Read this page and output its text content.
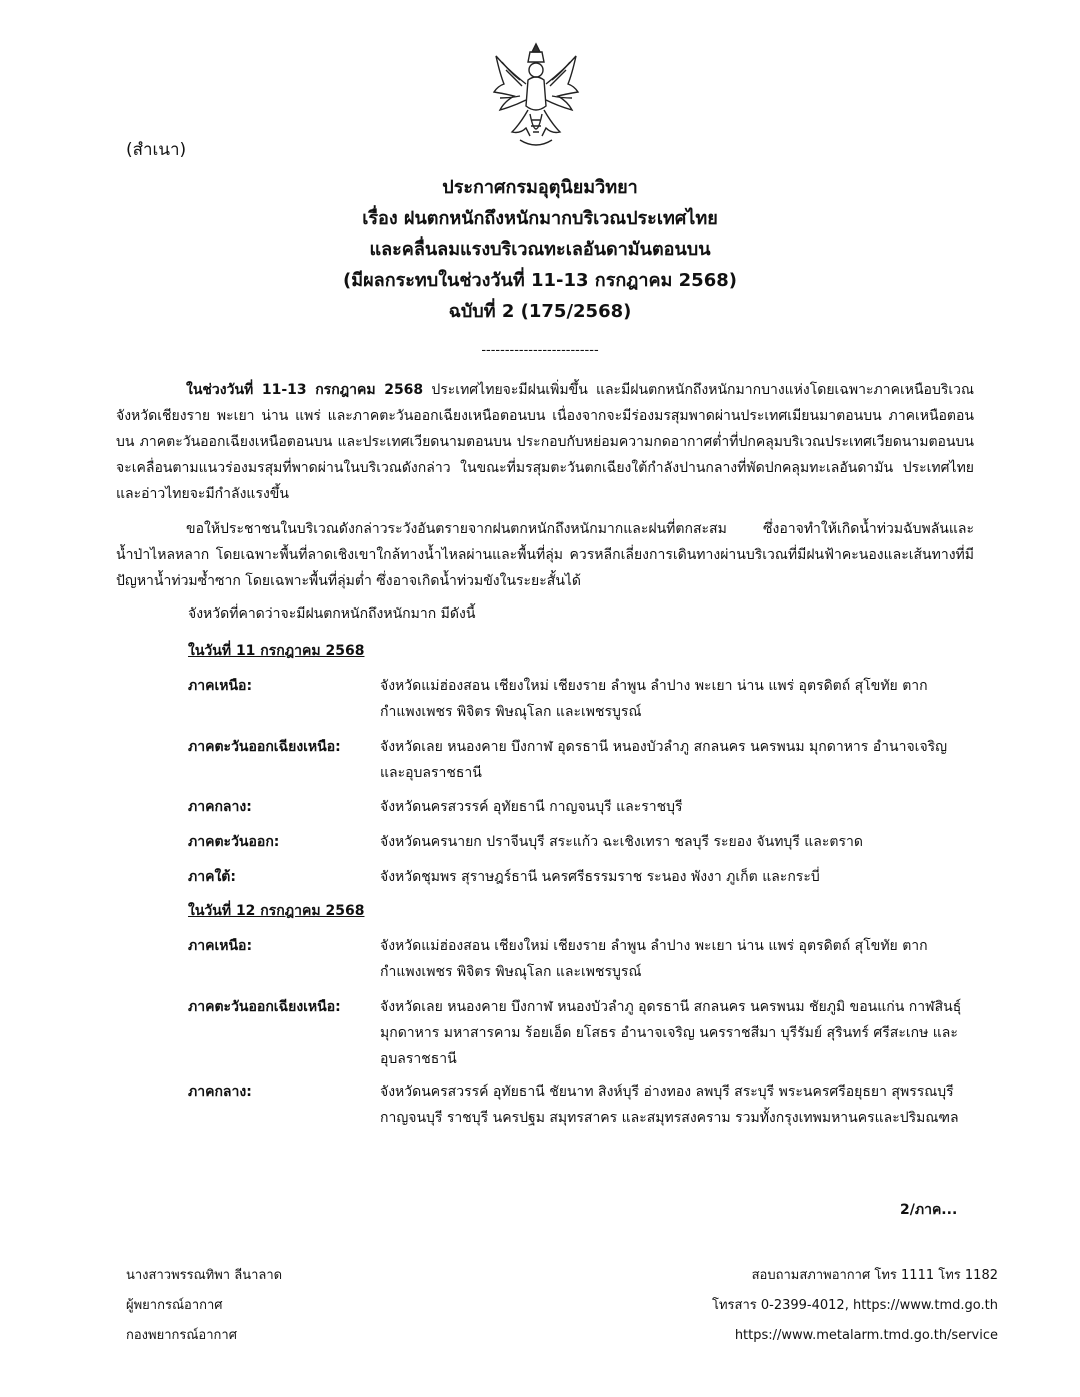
(สำเนา)
ประกาศกรมอุตุนิยมวิทยา
เรื่อง ฝนตกหนักถึงหนักมากบริเวณประเทศไทย
และคลื่นลมแรงบริเวณทะเลอันดามันตอนบน
(มีผลกระทบในช่วงวันที่ 11-13 กรกฎาคม 2568)
ฉบับที่ 2 (175/2568)
-------------------------
ในช่วงวันที่ 11-13 กรกฎาคม 2568 ประเทศไทยจะมีฝนเพิ่มขึ้น และมีฝนตกหนักถึงหนักมากบางแห่งโดยเฉพาะภาคเหนือบริเวณจังหวัดเชียงราย พะเยา น่าน แพร่ และภาคตะวันออกเฉียงเหนือตอนบน เนื่องจากจะมีร่องมรสุมพาดผ่านประเทศเมียนมาตอนบน ภาคเหนือตอนบน ภาคตะวันออกเฉียงเหนือตอนบน และประเทศเวียดนามตอนบน ประกอบกับหย่อมความกดอากาศต่ำที่ปกคลุมบริเวณประเทศเวียดนามตอนบนจะเคลื่อนตามแนวร่องมรสุมที่พาดผ่านในบริเวณดังกล่าว ในขณะที่มรสุมตะวันตกเฉียงใต้กำลังปานกลางที่พัดปกคลุมทะเลอันดามัน ประเทศไทย และอ่าวไทยจะมีกำลังแรงขึ้น
ขอให้ประชาชนในบริเวณดังกล่าวระวังอันตรายจากฝนตกหนักถึงหนักมากและฝนที่ตกสะสม ซึ่งอาจทำให้เกิดน้ำท่วมฉับพลันและน้ำป่าไหลหลาก โดยเฉพาะพื้นที่ลาดเชิงเขาใกล้ทางน้ำไหลผ่านและพื้นที่ลุ่ม ควรหลีกเลี่ยงการเดินทางผ่านบริเวณที่มีฝนฟ้าคะนองและเส้นทางที่มีปัญหาน้ำท่วมซ้ำซาก โดยเฉพาะพื้นที่ลุ่มต่ำ ซึ่งอาจเกิดน้ำท่วมขังในระยะสั้นได้
จังหวัดที่คาดว่าจะมีฝนตกหนักถึงหนักมาก มีดังนี้
ในวันที่ 11 กรกฎาคม 2568
ภาคเหนือ:	จังหวัดแม่ฮ่องสอน เชียงใหม่ เชียงราย ลำพูน ลำปาง พะเยา น่าน แพร่ อุตรดิตถ์ สุโขทัย ตาก กำแพงเพชร พิจิตร พิษณุโลก และเพชรบูรณ์
ภาคตะวันออกเฉียงเหนือ:	จังหวัดเลย หนองคาย บึงกาฬ อุดรธานี หนองบัวลำภู สกลนคร นครพนม มุกดาหาร อำนาจเจริญ และอุบลราชธานี
ภาคกลาง:	จังหวัดนครสวรรค์ อุทัยธานี กาญจนบุรี และราชบุรี
ภาคตะวันออก:	จังหวัดนครนายก ปราจีนบุรี สระแก้ว ฉะเชิงเทรา ชลบุรี ระยอง จันทบุรี และตราด
ภาคใต้:	จังหวัดชุมพร สุราษฎร์ธานี นครศรีธรรมราช ระนอง พังงา ภูเก็ต และกระบี่
ในวันที่ 12 กรกฎาคม 2568
ภาคเหนือ:	จังหวัดแม่ฮ่องสอน เชียงใหม่ เชียงราย ลำพูน ลำปาง พะเยา น่าน แพร่ อุตรดิตถ์ สุโขทัย ตาก กำแพงเพชร พิจิตร พิษณุโลก และเพชรบูรณ์
ภาคตะวันออกเฉียงเหนือ:	จังหวัดเลย หนองคาย บึงกาฬ หนองบัวลำภู อุดรธานี สกลนคร นครพนม ชัยภูมิ ขอนแก่น กาฬสินธุ์ มุกดาหาร มหาสารคาม ร้อยเอ็ด ยโสธร อำนาจเจริญ นครราชสีมา บุรีรัมย์ สุรินทร์ ศรีสะเกษ และอุบลราชธานี
ภาคกลาง:	จังหวัดนครสวรรค์ อุทัยธานี ชัยนาท สิงห์บุรี อ่างทอง ลพบุรี สระบุรี พระนครศรีอยุธยา สุพรรณบุรี กาญจนบุรี ราชบุรี นครปฐม สมุทรสาคร และสมุทรสงคราม รวมทั้งกรุงเทพมหานครและปริมณฑล
2/ภาค...
นางสาวพรรณทิพา ลีนาลาด
ผู้พยากรณ์อากาศ
กองพยากรณ์อากาศ
สอบถามสภาพอากาศ โทร 1111 โทร 1182
โทรสาร 0-2399-4012, https://www.tmd.go.th
https://www.metalarm.tmd.go.th/service
